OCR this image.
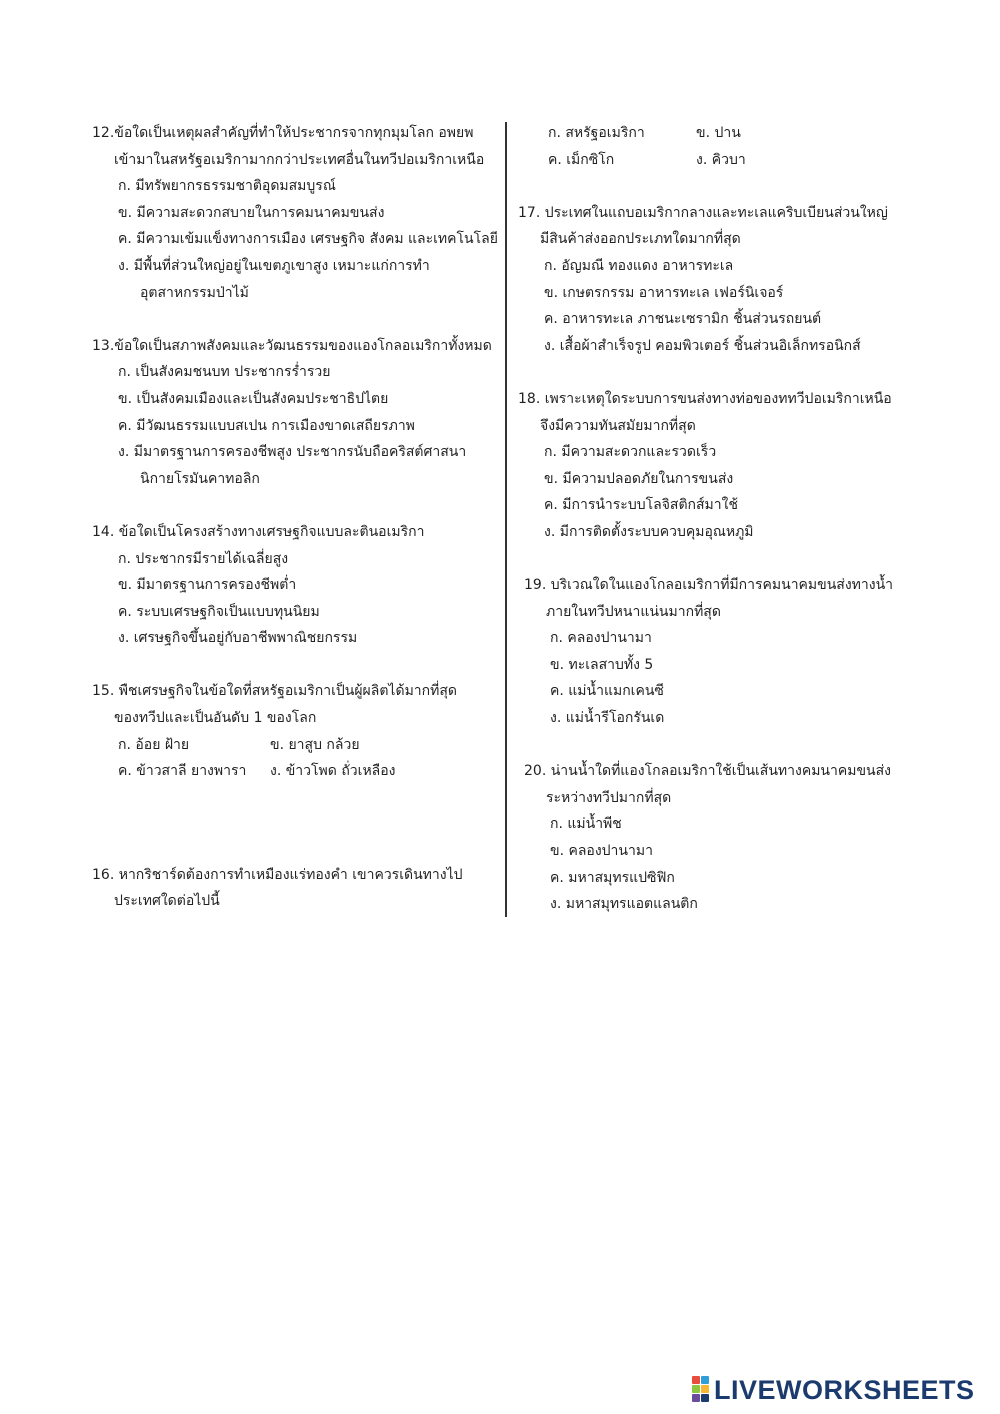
12.ข้อใดเป็นเหตุผลสำคัญที่ทำให้ประชากรจากทุกมุมโลก อพยพ
เข้ามาในสหรัฐอเมริกามากกว่าประเทศอื่นในทวีปอเมริกาเหนือ
ก. มีทรัพยากรธรรมชาติอุดมสมบูรณ์
ข. มีความสะดวกสบายในการคมนาคมขนส่ง
ค. มีความเข้มแข็งทางการเมือง เศรษฐกิจ สังคม และเทคโนโลยี
ง. มีพื้นที่ส่วนใหญ่อยู่ในเขตภูเขาสูง เหมาะแก่การทำ
อุตสาหกรรมป่าไม้
13.ข้อใดเป็นสภาพสังคมและวัฒนธรรมของแองโกลอเมริกาทั้งหมด
ก. เป็นสังคมชนบท ประชากรร่ำรวย
ข. เป็นสังคมเมืองและเป็นสังคมประชาธิปไตย
ค. มีวัฒนธรรมแบบสเปน การเมืองขาดเสถียรภาพ
ง. มีมาตรฐานการครองชีพสูง ประชากรนับถือคริสต์ศาสนา
นิกายโรมันคาทอลิก
14. ข้อใดเป็นโครงสร้างทางเศรษฐกิจแบบละตินอเมริกา
ก. ประชากรมีรายได้เฉลี่ยสูง
ข. มีมาตรฐานการครองชีพต่ำ
ค. ระบบเศรษฐกิจเป็นแบบทุนนิยม
ง. เศรษฐกิจขึ้นอยู่กับอาชีพพาณิชยกรรม
15. พืชเศรษฐกิจในข้อใดที่สหรัฐอเมริกาเป็นผู้ผลิตได้มากที่สุด
ของทวีปและเป็นอันดับ 1 ของโลก
ก. อ้อย ฝ้าย	ข. ยาสูบ กล้วย
ค. ข้าวสาลี ยางพารา	ง. ข้าวโพด ถั่วเหลือง
16. หากริชาร์ดต้องการทำเหมืองแร่ทองคำ เขาควรเดินทางไป
ประเทศใดต่อไปนี้
ก. สหรัฐอเมริกา	ข. ปาน
ค. เม็กซิโก	ง. คิวบา
17. ประเทศในแถบอเมริกากลางและทะเลแคริบเบียนส่วนใหญ่
มีสินค้าส่งออกประเภทใดมากที่สุด
ก. อัญมณี ทองแดง อาหารทะเล
ข. เกษตรกรรม อาหารทะเล เฟอร์นิเจอร์
ค. อาหารทะเล ภาชนะเซรามิก ชิ้นส่วนรถยนต์
ง. เสื้อผ้าสำเร็จรูป คอมพิวเตอร์ ชิ้นส่วนอิเล็กทรอนิกส์
18. เพราะเหตุใดระบบการขนส่งทางท่อของททวีปอเมริกาเหนือ
จึงมีความทันสมัยมากที่สุด
ก. มีความสะดวกและรวดเร็ว
ข. มีความปลอดภัยในการขนส่ง
ค. มีการนำระบบโลจิสติกส์มาใช้
ง. มีการติดตั้งระบบควบคุมอุณหภูมิ
19. บริเวณใดในแองโกลอเมริกาที่มีการคมนาคมขนส่งทางน้ำ
ภายในทวีปหนาแน่นมากที่สุด
ก. คลองปานามา
ข. ทะเลสาบทั้ง 5
ค. แม่น้ำแมกเคนซี
ง. แม่น้ำรีโอกรันเด
20. น่านน้ำใดที่แองโกลอเมริกาใช้เป็นเส้นทางคมนาคมขนส่ง
ระหว่างทวีปมากที่สุด
ก. แม่น้ำพีช
ข. คลองปานามา
ค. มหาสมุทรแปซิฟิก
ง. มหาสมุทรแอตแลนติก
LIVEWORKSHEETS
